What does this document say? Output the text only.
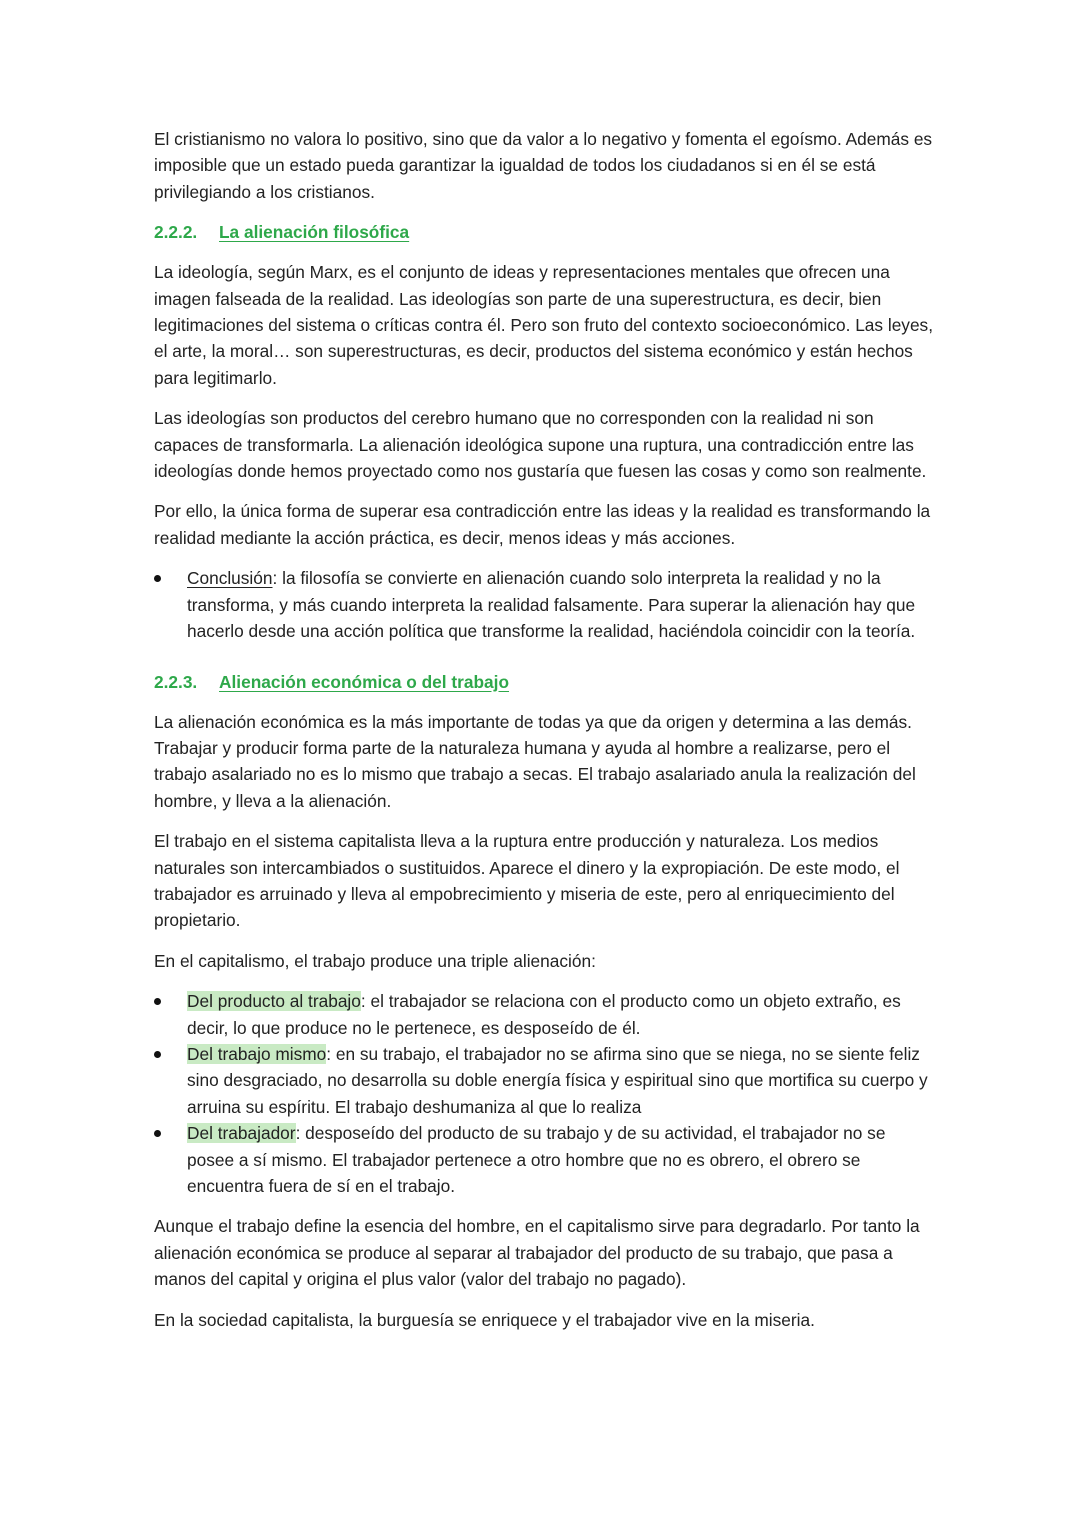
El cristianismo no valora lo positivo, sino que da valor a lo negativo y fomenta el egoísmo. Además es imposible que un estado pueda garantizar la igualdad de todos los ciudadanos si en él se está privilegiando a los cristianos.

2.2.2. La alienación filosófica

La ideología, según Marx, es el conjunto de ideas y representaciones mentales que ofrecen una imagen falseada de la realidad. Las ideologías son parte de una superestructura, es decir, bien legitimaciones del sistema o críticas contra él. Pero son fruto del contexto socioeconómico. Las leyes, el arte, la moral… son superestructuras, es decir, productos del sistema económico y están hechos para legitimarlo.

Las ideologías son productos del cerebro humano que no corresponden con la realidad ni son capaces de transformarla. La alienación ideológica supone una ruptura, una contradicción entre las ideologías donde hemos proyectado como nos gustaría que fuesen las cosas y como son realmente.

Por ello, la única forma de superar esa contradicción entre las ideas y la realidad es transformando la realidad mediante la acción práctica, es decir, menos ideas y más acciones.

Conclusión: la filosofía se convierte en alienación cuando solo interpreta la realidad y no la transforma, y más cuando interpreta la realidad falsamente. Para superar la alienación hay que hacerlo desde una acción política que transforme la realidad, haciéndola coincidir con la teoría.
2.2.3. Alienación económica o del trabajo

La alienación económica es la más importante de todas ya que da origen y determina a las demás. Trabajar y producir forma parte de la naturaleza humana y ayuda al hombre a realizarse, pero el trabajo asalariado no es lo mismo que trabajo a secas. El trabajo asalariado anula la realización del hombre, y lleva a la alienación.

El trabajo en el sistema capitalista lleva a la ruptura entre producción y naturaleza. Los medios naturales son intercambiados o sustituidos. Aparece el dinero y la expropiación. De este modo, el trabajador es arruinado y lleva al empobrecimiento y miseria de este, pero al enriquecimiento del propietario.

En el capitalismo, el trabajo produce una triple alienación:

Del producto al trabajo: el trabajador se relaciona con el producto como un objeto extraño, es decir, lo que produce no le pertenece, es desposeído de él.
Del trabajo mismo: en su trabajo, el trabajador no se afirma sino que se niega, no se siente feliz sino desgraciado, no desarrolla su doble energía física y espiritual sino que mortifica su cuerpo y arruina su espíritu. El trabajo deshumaniza al que lo realiza
Del trabajador: desposeído del producto de su trabajo y de su actividad, el trabajador no se posee a sí mismo. El trabajador pertenece a otro hombre que no es obrero, el obrero se encuentra fuera de sí en el trabajo.

Aunque el trabajo define la esencia del hombre, en el capitalismo sirve para degradarlo. Por tanto la alienación económica se produce al separar al trabajador del producto de su trabajo, que pasa a manos del capital y origina el plus valor (valor del trabajo no pagado).

En la sociedad capitalista, la burguesía se enriquece y el trabajador vive en la miseria.
